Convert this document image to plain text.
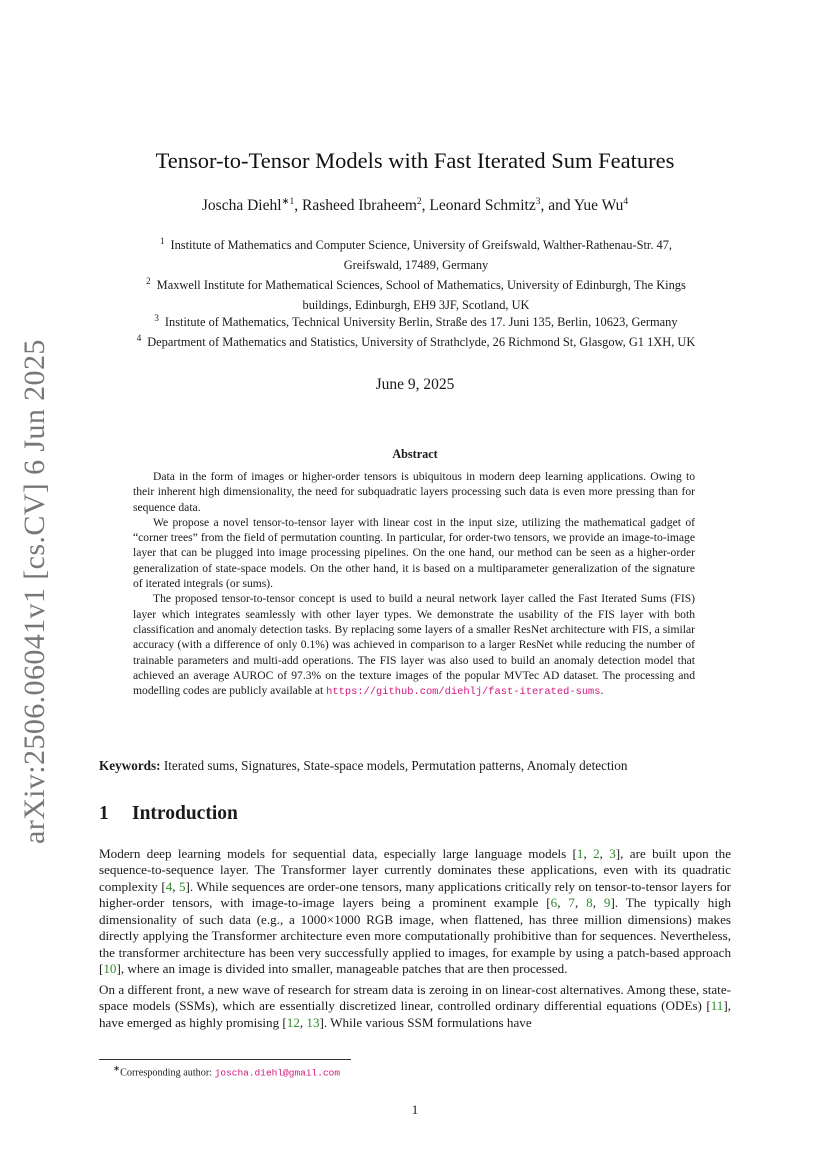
arXiv:2506.06041v1 [cs.CV] 6 Jun 2025
Tensor-to-Tensor Models with Fast Iterated Sum Features
Joscha Diehl$^{∗1}$, Rasheed Ibraheem$^2$, Leonard Schmitz$^3$, and Yue Wu$^4$
$^1$ Institute of Mathematics and Computer Science, University of Greifswald, Walther-Rathenau-Str. 47,
Greifswald, 17489, Germany
$^2$ Maxwell Institute for Mathematical Sciences, School of Mathematics, University of Edinburgh, The Kings
buildings, Edinburgh, EH9 3JF, Scotland, UK
$^3$ Institute of Mathematics, Technical University Berlin, Straße des 17. Juni 135, Berlin, 10623, Germany
$^4$ Department of Mathematics and Statistics, University of Strathclyde, 26 Richmond St, Glasgow, G1 1XH, UK
June 9, 2025
Abstract

Data in the form of images or higher-order tensors is ubiquitous in modern deep learning applications. Owing to their inherent high dimensionality, the need for subquadratic layers processing such data is even more pressing than for sequence data.

We propose a novel tensor-to-tensor layer with linear cost in the input size, utilizing the mathematical gadget of “corner trees” from the field of permutation counting. In particular, for order-two tensors, we provide an image-to-image layer that can be plugged into image processing pipelines. On the one hand, our method can be seen as a higher-order generalization of state-space models. On the other hand, it is based on a multiparameter generalization of the signature of iterated integrals (or sums).

The proposed tensor-to-tensor concept is used to build a neural network layer called the Fast Iterated Sums (FIS) layer which integrates seamlessly with other layer types. We demonstrate the usability of the FIS layer with both classification and anomaly detection tasks. By replacing some layers of a smaller ResNet architecture with FIS, a similar accuracy (with a difference of only 0.1%) was achieved in comparison to a larger ResNet while reducing the number of trainable parameters and multi-add operations. The FIS layer was also used to build an anomaly detection model that achieved an average AUROC of 97.3% on the texture images of the popular MVTec AD dataset. The processing and modelling codes are publicly available at https://github.com/diehlj/fast-iterated-sums.

Keywords: Iterated sums, Signatures, State-space models, Permutation patterns, Anomaly detection
1 Introduction

Modern deep learning models for sequential data, especially large language models [1, 2, 3], are built upon the sequence-to-sequence layer. The Transformer layer currently dominates these applications, even with its quadratic complexity [4, 5]. While sequences are order-one tensors, many applications critically rely on tensor-to-tensor layers for higher-order tensors, with image-to-image layers being a prominent example [6, 7, 8, 9]. The typically high dimensionality of such data (e.g., a 1000×1000 RGB image, when flattened, has three million dimensions) makes directly applying the Transformer architecture even more computationally prohibitive than for sequences. Nevertheless, the transformer architecture has been very successfully applied to images, for example by using a patch-based approach [10], where an image is divided into smaller, manageable patches that are then processed.

On a different front, a new wave of research for stream data is zeroing in on linear-cost alternatives. Among these, state-space models (SSMs), which are essentially discretized linear, controlled ordinary differential equations (ODEs) [11], have emerged as highly promising [12, 13]. While various SSM formulations have

∗Corresponding author: joscha.diehl@gmail.com
1
